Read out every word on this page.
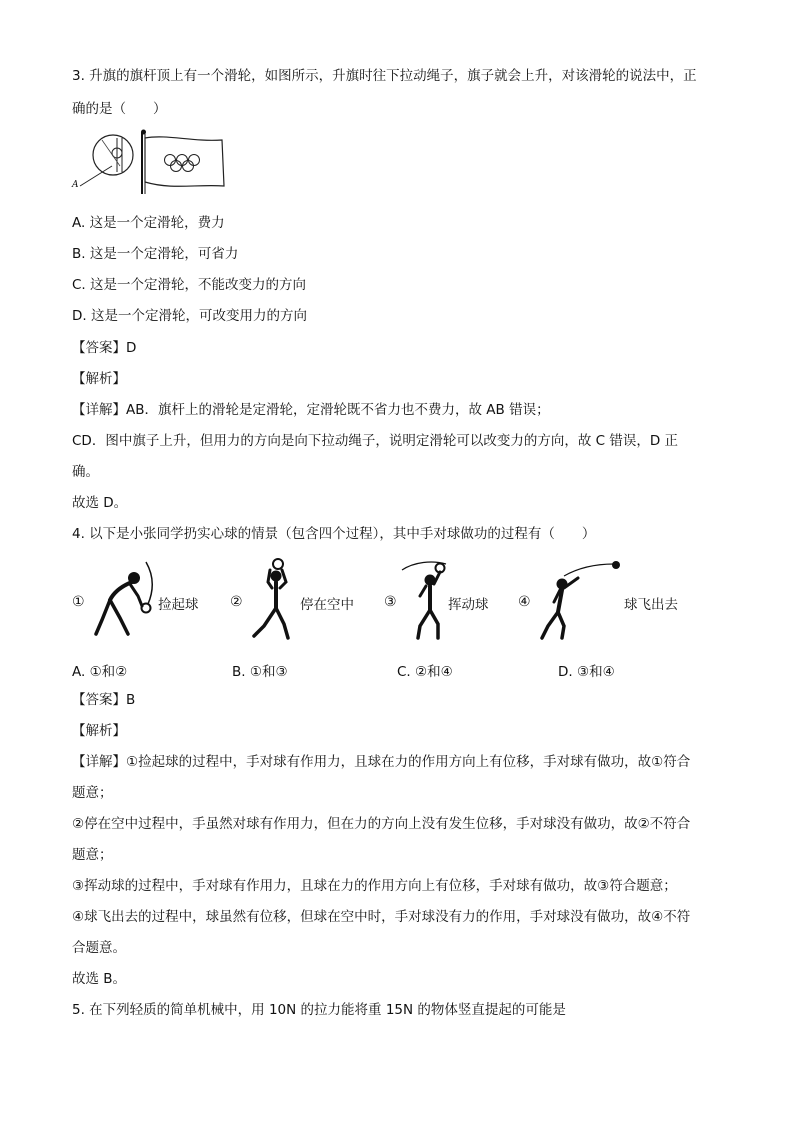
3. 升旗的旗杆顶上有一个滑轮，如图所示，升旗时往下拉动绳子，旗子就会上升，对该滑轮的说法中，正
确的是（　　）
A
A. 这是一个定滑轮，费力
B. 这是一个定滑轮，可省力
C. 这是一个定滑轮，不能改变力的方向
D. 这是一个定滑轮，可改变用力的方向
【答案】D
【解析】
【详解】AB．旗杆上的滑轮是定滑轮，定滑轮既不省力也不费力，故 AB 错误；
CD．图中旗子上升，但用力的方向是向下拉动绳子，说明定滑轮可以改变力的方向，故 C 错误，D 正
确。
故选 D。
4. 以下是小张同学扔实心球的情景（包含四个过程），其中手对球做功的过程有（　　）
①	捡起球 ②	停在空中 ③	挥动球 ④	球飞出去
A. ①和②	B. ①和③	C. ②和④	D. ③和④
【答案】B
【解析】
【详解】①捡起球的过程中，手对球有作用力，且球在力的作用方向上有位移，手对球有做功，故①符合
题意；
②停在空中过程中，手虽然对球有作用力，但在力的方向上没有发生位移，手对球没有做功，故②不符合
题意；
③挥动球的过程中，手对球有作用力，且球在力的作用方向上有位移，手对球有做功，故③符合题意；
④球飞出去的过程中，球虽然有位移，但球在空中时，手对球没有力的作用，手对球没有做功，故④不符
合题意。
故选 B。
5. 在下列轻质的简单机械中，用 10N 的拉力能将重 15N 的物体竖直提起的可能是
